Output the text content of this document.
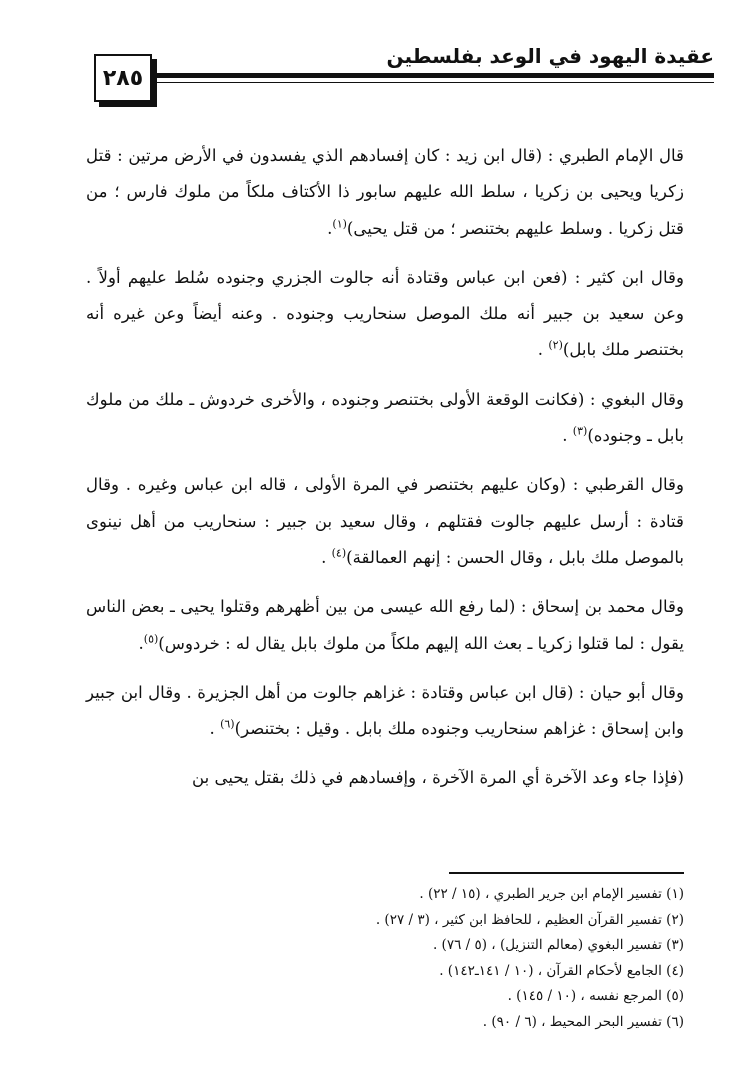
عقيدة اليهود في الوعد بفلسطين
٢٨٥

قال الإمام الطبري : (قال ابن زيد : كان إفسادهم الذي يفسدون في الأرض مرتين : قتل زكريا ويحيى بن زكريا ، سلط الله عليهم سابور ذا الأكتاف ملكاً من ملوك فارس ؛ من قتل زكريا . وسلط عليهم بختنصر ؛ من قتل يحيى)$^{(١)}$.

وقال ابن كثير : (فعن ابن عباس وقتادة أنه جالوت الجزري وجنوده سُلط عليهم أولاً . وعن سعيد بن جبير أنه ملك الموصل سنحاريب وجنوده . وعنه أيضاً وعن غيره أنه بختنصر ملك بابل)$^{(٢)}$ .

وقال البغوي : (فكانت الوقعة الأولى بختنصر وجنوده ، والأخرى خردوش ـ ملك من ملوك بابل ـ وجنوده)$^{(٣)}$ .

وقال القرطبي : (وكان عليهم بختنصر في المرة الأولى ، قاله ابن عباس وغيره . وقال قتادة : أرسل عليهم جالوت فقتلهم ، وقال سعيد بن جبير : سنحاريب من أهل نينوى بالموصل ملك بابل ، وقال الحسن : إنهم العمالقة)$^{(٤)}$ .

وقال محمد بن إسحاق : (لما رفع الله عيسى من بين أظهرهم وقتلوا يحيى ـ بعض الناس يقول : لما قتلوا زكريا ـ بعث الله إليهم ملكاً من ملوك بابل يقال له : خردوس)$^{(٥)}$.

وقال أبو حيان : (قال ابن عباس وقتادة : غزاهم جالوت من أهل الجزيرة . وقال ابن جبير وابن إسحاق : غزاهم سنحاريب وجنوده ملك بابل . وقيل : بختنصر)$^{(٦)}$ .

(فإذا جاء وعد الآخرة أي المرة الآخرة ، وإفسادهم في ذلك بقتل يحيى بن

(١) تفسير الإمام ابن جرير الطبري ، (١٥ / ٢٢) .
(٢) تفسير القرآن العظيم ، للحافظ ابن كثير ، (٣ / ٢٧) .
(٣) تفسير البغوي (معالم التنزيل) ، (٥ / ٧٦) .
(٤) الجامع لأحكام القرآن ، (١٠ / ١٤١ـ١٤٢) .
(٥) المرجع نفسه ، (١٠ / ١٤٥) .
(٦) تفسير البحر المحيط ، (٦ / ٩٠) .
